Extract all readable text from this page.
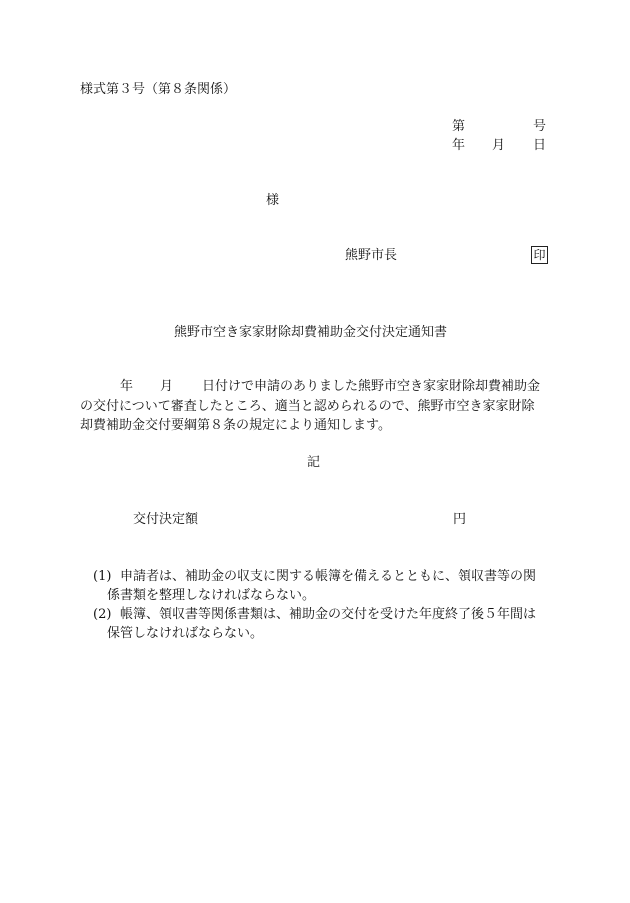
様式第３号（第８条関係）
第	号
年 月 日
様
熊野市長	印
熊野市空き家家財除却費補助金交付決定通知書
年 月 日付けで申請のありました熊野市空き家家財除却費補助金
の交付について審査したところ、適当と認められるので、熊野市空き家家財除
却費補助金交付要綱第８条の規定により通知します。
記
交付決定額	円
(1) 申請者は、補助金の収支に関する帳簿を備えるとともに、領収書等の関
係書類を整理しなければならない。
(2) 帳簿、領収書等関係書類は、補助金の交付を受けた年度終了後５年間は
保管しなければならない。
